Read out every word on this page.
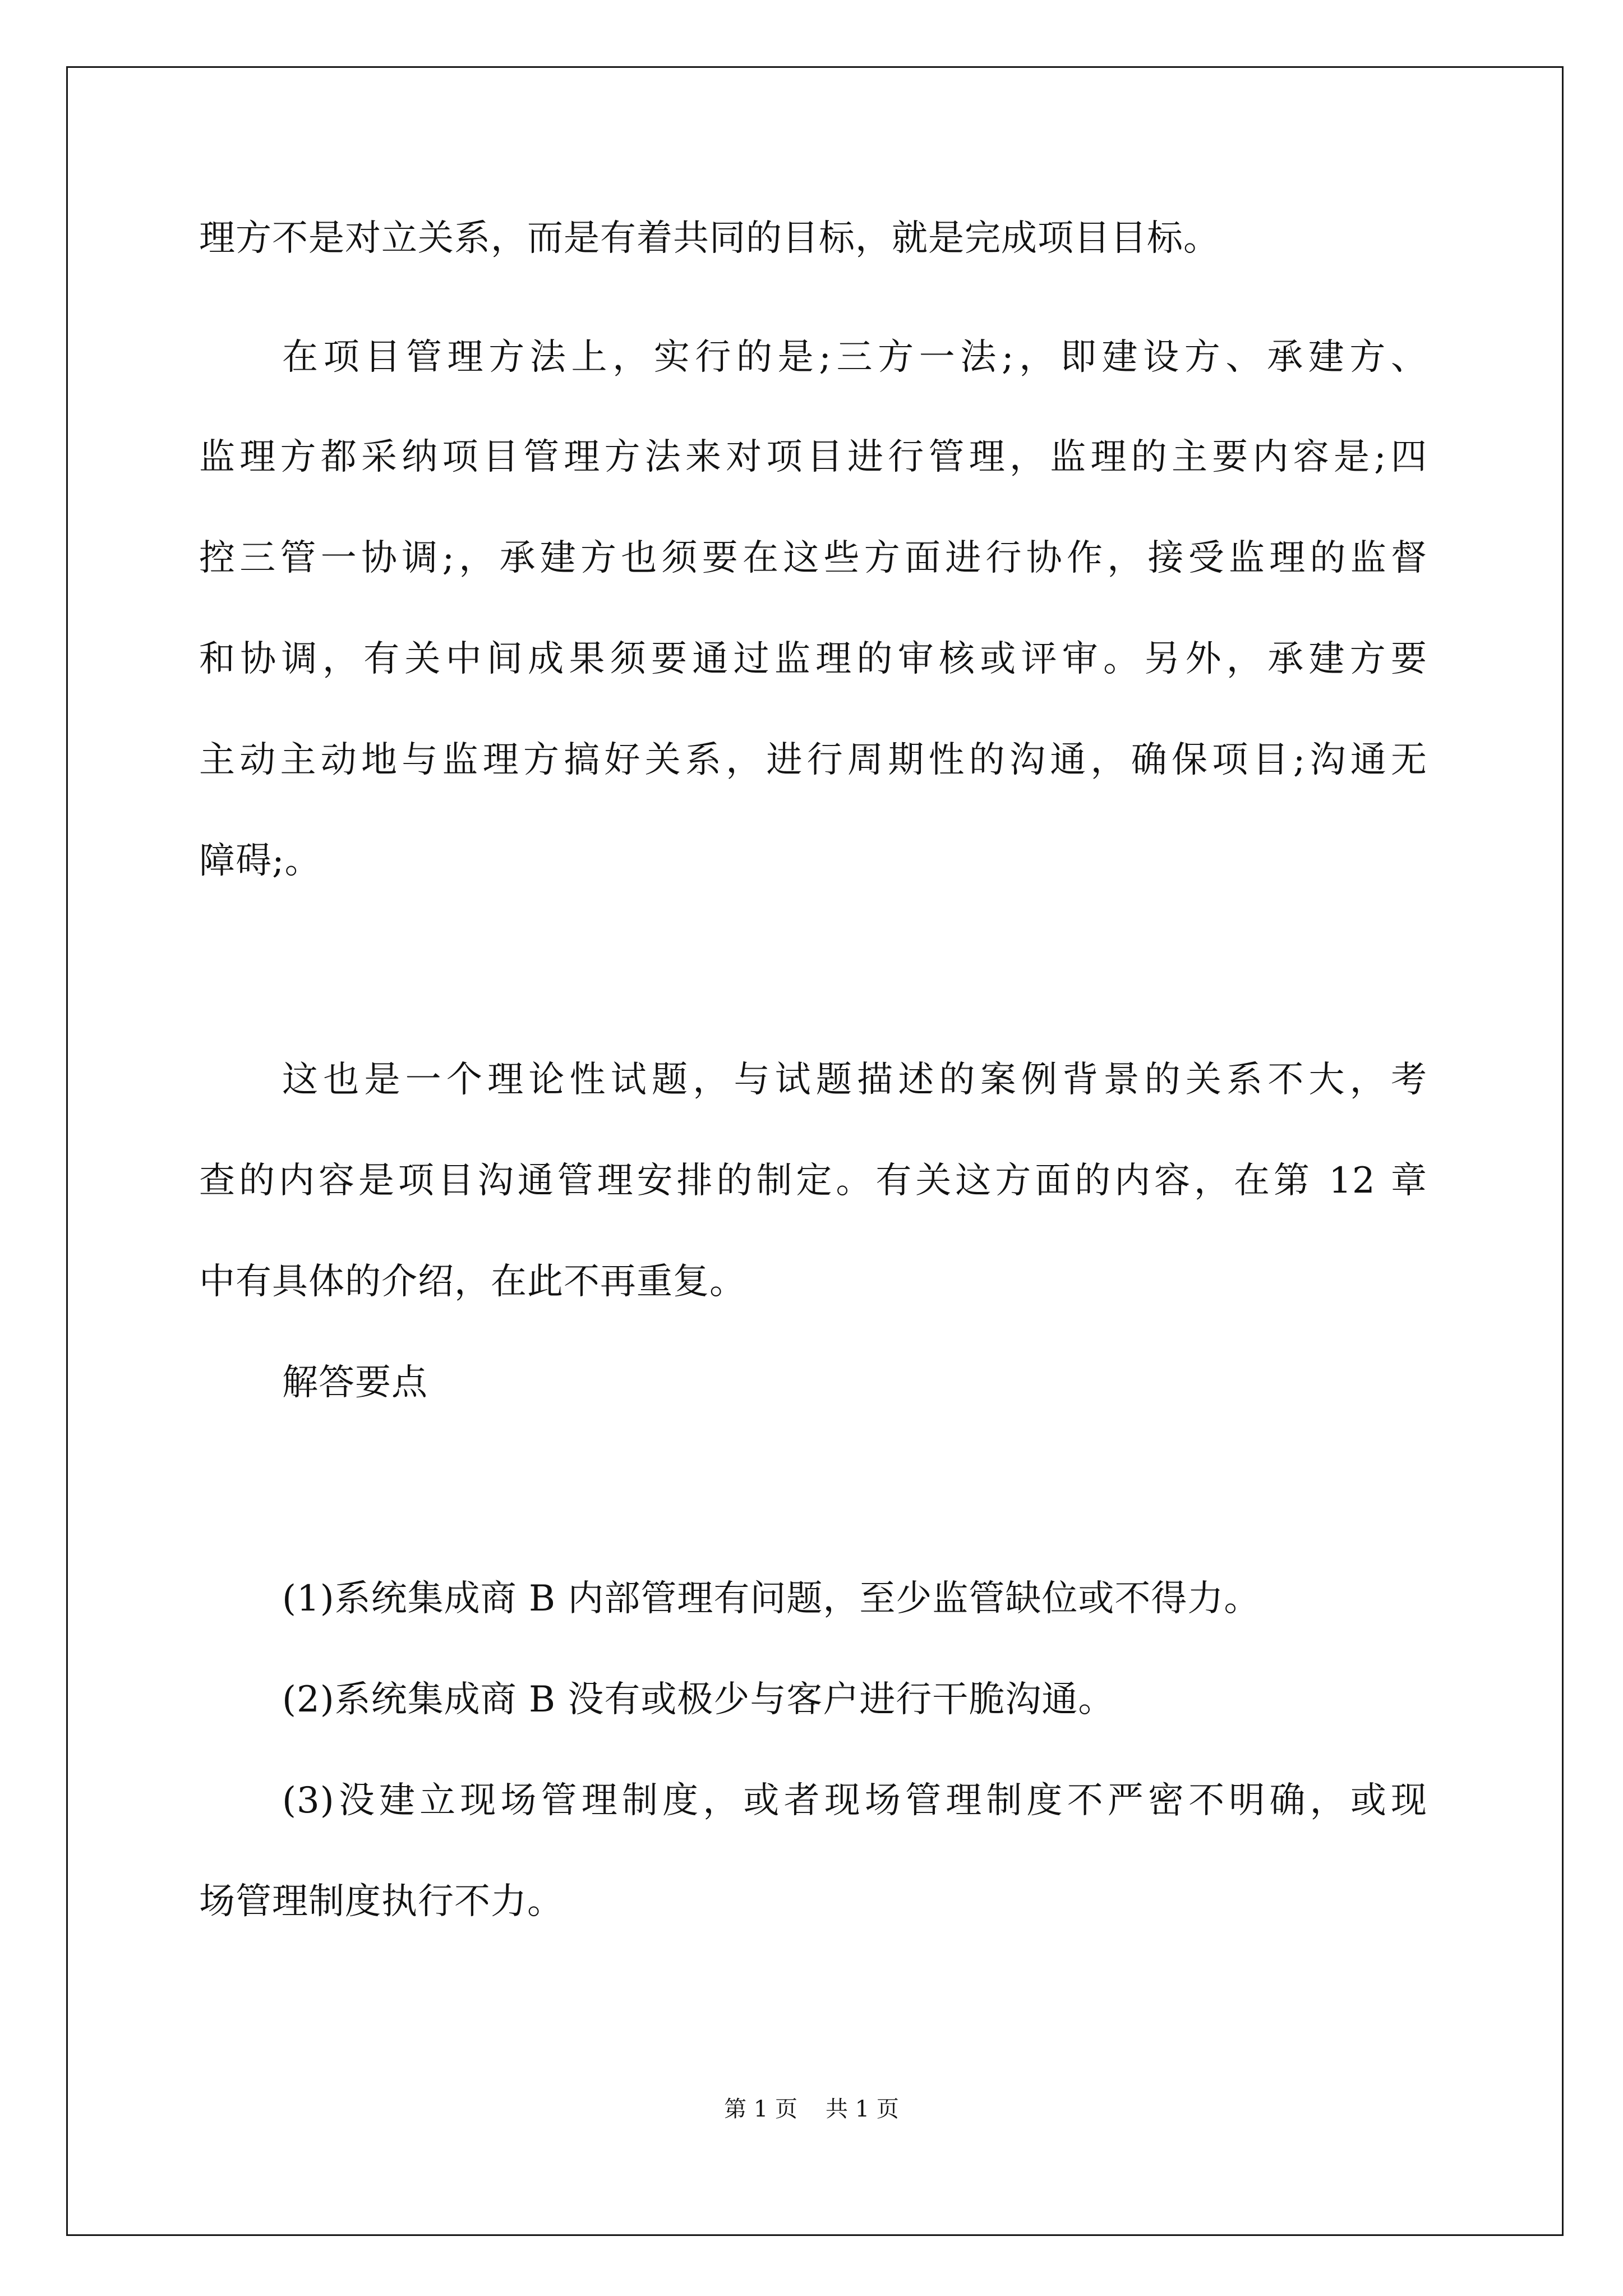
理方不是对立关系，而是有着共同的目标，就是完成项目目标。
在项目管理方法上，实行的是;三方一法;，即建设方、承建方、
监理方都采纳项目管理方法来对项目进行管理，监理的主要内容是;四
控三管一协调;，承建方也须要在这些方面进行协作，接受监理的监督
和协调，有关中间成果须要通过监理的审核或评审。另外，承建方要
主动主动地与监理方搞好关系，进行周期性的沟通，确保项目;沟通无
障碍;。
这也是一个理论性试题，与试题描述的案例背景的关系不大，考
查的内容是项目沟通管理安排的制定。有关这方面的内容，在第 12 章
中有具体的介绍，在此不再重复。
解答要点
(1)系统集成商 B 内部管理有问题，至少监管缺位或不得力。
(2)系统集成商 B 没有或极少与客户进行干脆沟通。
(3)没建立现场管理制度，或者现场管理制度不严密不明确，或现
场管理制度执行不力。
第 1 页 共 1 页
